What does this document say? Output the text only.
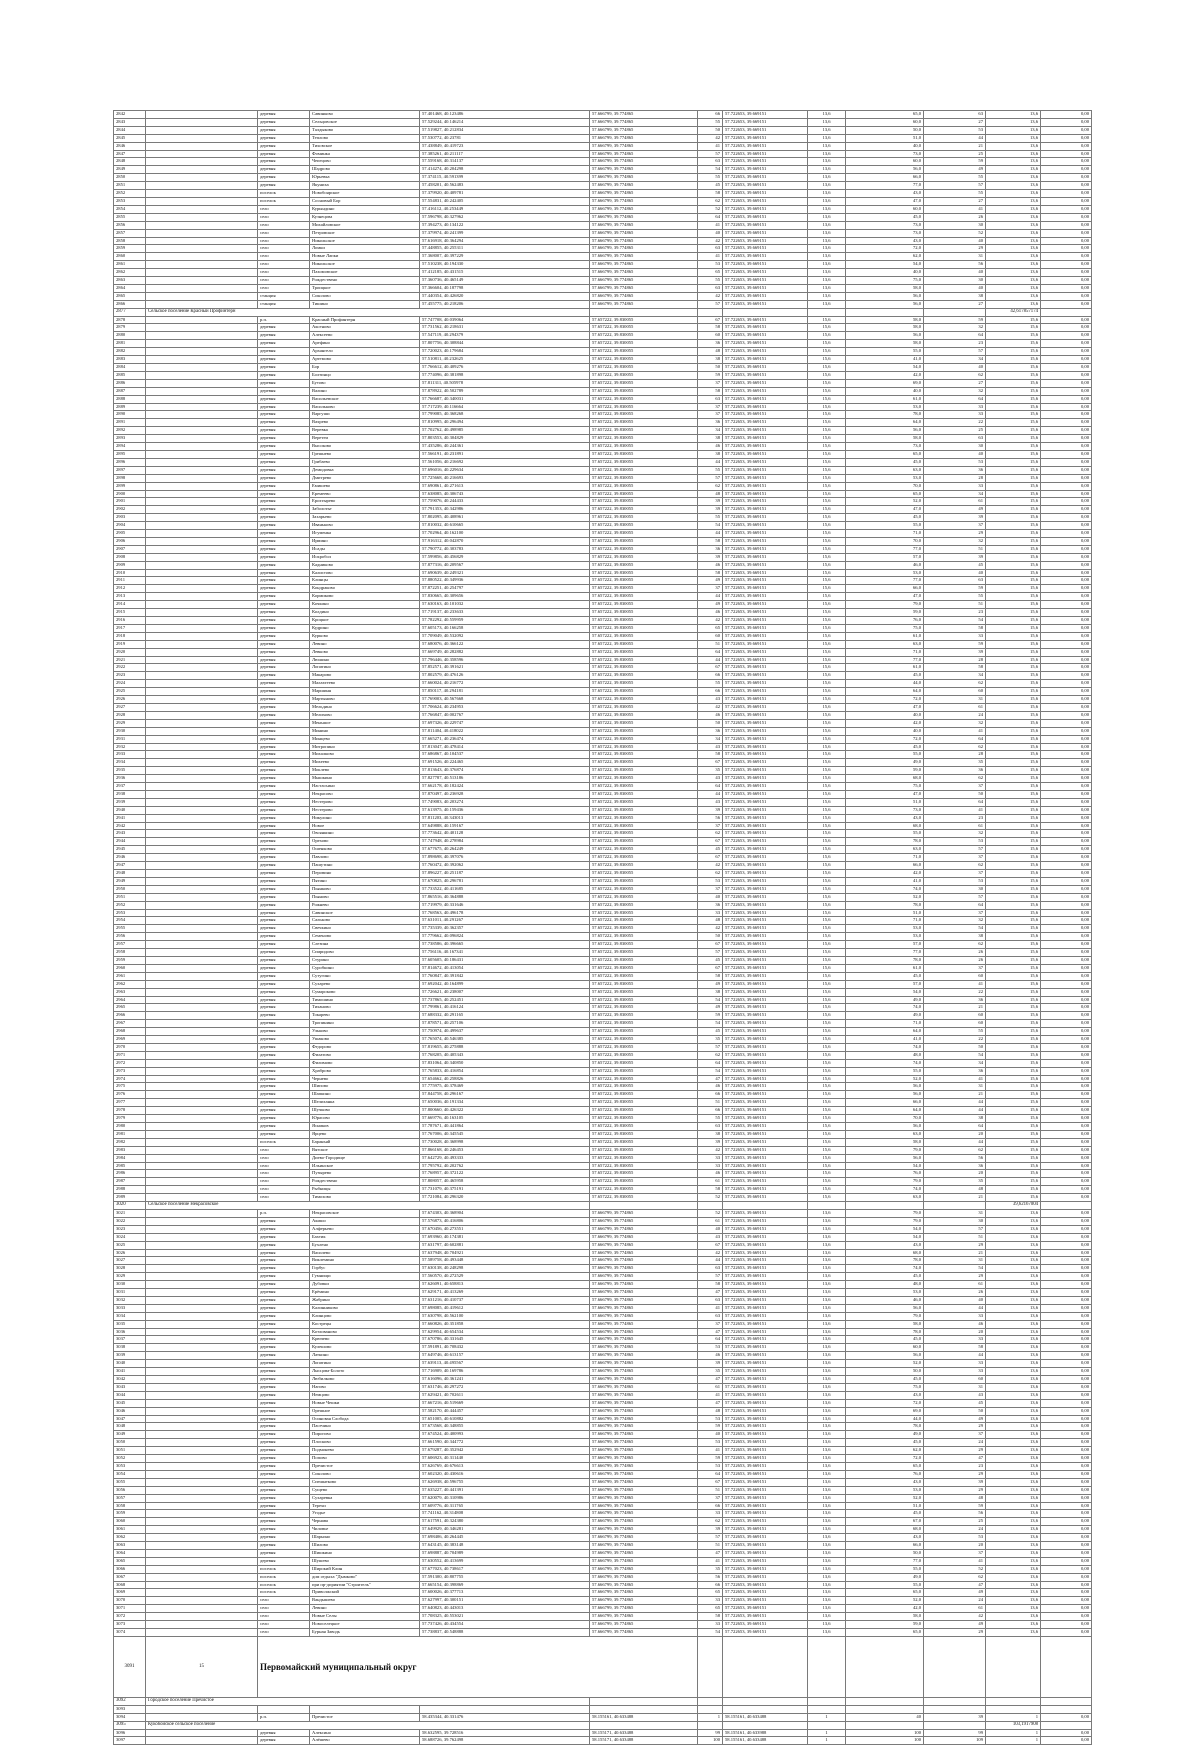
2842		деревня	Савинково	57.401468, 40.123486	57.666799, 39.774865	66	57.722653, 39.669151	13,6	65,0	63	13,6	0,00
2843		деревня	Сельцовское	57.529244, 40.146214	57.666799, 39.774865	55	57.722653, 39.669151	13,6	60,0	27	13,6	0,00
2844		деревня	Талдыково	57.519827, 40.212834	57.666799, 39.774865	50	57.722653, 39.669151	13,6	50,0	53	13,6	0,00
2845		деревня	Теплово	57.530772, 40.23781	57.666799, 39.774865	42	57.722653, 39.669151	13,6	51,0	44	13,6	0,00
2846		деревня	Тиховское	57.438849, 40.419723	57.666799, 39.774865	41	57.722653, 39.669151	13,6	40,0	21	13,6	0,00
2847		деревня	Фоминка	57.385261, 40.211117	57.666799, 39.774865	57	57.722653, 39.669151	13,6	73,0	25	13,6	0,00
2848		деревня	Чепецово	57.559168, 40.314137	57.666799, 39.774865	63	57.722653, 39.669151	13,6	60,0	59	13,6	0,00
2849		деревня	Шадрово	57.414274, 40.204298	57.666799, 39.774865	54	57.722653, 39.669151	13,6	56,0	49	13,6	0,00
2850		деревня	Юрьевка	57.374115, 40.591399	57.666799, 39.774865	55	57.722653, 39.669151	13,6	66,0	55	13,6	0,00
2851		деревня	Якуниха	57.458201, 40.562483	57.666799, 39.774865	45	57.722653, 39.669151	13,6	77,0	57	13,6	0,00
2852		поселок	Новобоярское	57.379920, 40.409781	57.666799, 39.774865	58	57.722653, 39.669151	13,6	43,0	55	13,6	0,00
2853		поселок	Сосновый Бор	57.554831, 40.242405	57.666799, 39.774865	62	57.722653, 39.669151	13,6	47,0	27	13,6	0,00
2854		село	Курындино	57.416112, 40.253449	57.666799, 39.774865	52	57.722653, 39.669151	13,6	60,0	41	13,6	0,00
2855		село	Кузнецова	57.596798, 40.327962	57.666799, 39.774865	64	57.722653, 39.669151	13,6	45,0	26	13,6	0,00
2856		село	Михайловское	57.394273, 40.134122	57.666799, 39.774865	41	57.722653, 39.669151	13,6	73,0	30	13,6	0,00
2857		село	Петровское	57.379974, 40.241399	57.666799, 39.774865	40	57.722653, 39.669151	13,6	73,0	52	13,6	0,00
2858		село	Никольское	57.616918, 40.364294	57.666799, 39.774865	42	57.722653, 39.669151	13,6	43,0	40	13,6	0,00
2859		село	Ломки	57.448855, 40.255311	57.666799, 39.774865	63	57.722653, 39.669151	13,6	72,0	29	13,6	0,00
2860		село	Новые Лапки	57.368007, 40.397229	57.666799, 39.774865	41	57.722653, 39.669151	13,6	62,0	31	13,6	0,00
2861		село	Никольское	57.510238, 40.194330	57.666799, 39.774865	53	57.722653, 39.669151	13,6	54,0	56	13,6	0,00
2862		село	Пахомовское	57.412185, 40.431515	57.666799, 39.774865	65	57.722653, 39.669151	13,6	40,0	40	13,6	0,00
2863		село	Рождествено	57.360736, 40.465149	57.666799, 39.774865	55	57.722653, 39.669151	13,6	75,0	30	13,6	0,00
2864		село	Троицкое	57.366604, 40.187798	57.666799, 39.774865	63	57.722653, 39.669151	13,6	58,0	40	13,6	0,00
2865		станция	Соколово	57.440354, 40.426820	57.666799, 39.774865	42	57.722653, 39.669151	13,6	56,0	38	13,6	0,00
2866		станция	Тишино	57.455775, 40.218206	57.666799, 39.774865	57	57.722653, 39.669151	13,6	56,0	27	13,6	0,00
2877	Сельское поселение Красный Профинтерн										42,617857174	
2878		р.п.	Красный Профинтерн	57.747708, 40.039064	57.657222, 39.830055	67	57.722653, 39.669151	15,6	58,0	59	15,6	0,00
2879		деревня	Аксеново	57.731562, 40.218631	57.657222, 39.830055	58	57.722653, 39.669151	15,6	58,0	32	15,6	0,00
2880		деревня	Алексеево	57.547119, 40.294379	57.657222, 39.830055	60	57.722653, 39.669151	15,6	56,0	64	15,6	0,00
2881		деревня	Арефино	57.807756, 40.308844	57.657222, 39.830055	36	57.722653, 39.669151	15,6	58,0	23	15,6	0,00
2882		деревня	Архангело	57.720023, 40.179684	57.657222, 39.830055	48	57.722653, 39.669151	15,6	55,0	57	15,6	0,00
2883		деревня	Артемово	57.510811, 40.232625	57.657222, 39.830055	38	57.722653, 39.669151	15,6	41,0	34	15,6	0,00
2884		деревня	Бор	57.766612, 40.409276	57.657222, 39.830055	50	57.722653, 39.669151	15,6	54,0	40	15,6	0,00
2885		деревня	Болтинцо	57.774096, 40.381898	57.657222, 39.830055	59	57.722653, 39.669151	15,6	42,0	62	15,6	0,00
2886		деревня	Бутово	57.811311, 40.505978	57.657222, 39.830055	37	57.722653, 39.669151	15,6	69,0	27	15,6	0,00
2887		деревня	Валино	57.878922, 40.502789	57.657222, 39.830055	58	57.722653, 39.669151	15,6	40,0	32	15,6	0,00
2888		деревня	Васильевское	57.766687, 40.340031	57.657222, 39.830055	63	57.722653, 39.669151	15,6	61,0	64	15,6	0,00
2889		деревня	Васильково	57.717239, 40.116664	57.657222, 39.830055	37	57.722653, 39.669151	15,6	53,0	33	15,6	0,00
2890		деревня	Варгуши	57.799085, 40.368268	57.657222, 39.830055	37	57.722653, 39.669151	15,6	78,0	33	15,6	0,00
2891		деревня	Вахрево	57.810995, 40.296494	57.657222, 39.830055	36	57.722653, 39.669151	15,6	64,0	22	15,6	0,00
2892		деревня	Веревка	57.702762, 40.498985	57.657222, 39.830055	34	57.722653, 39.669151	15,6	56,0	25	15,6	0,00
2893		деревня	Веретеи	57.803553, 40.304829	57.657222, 39.830055	38	57.722653, 39.669151	15,6	58,0	63	15,6	0,00
2894		деревня	Высоково	57.435286, 40.244361	57.657222, 39.830055	46	57.722653, 39.669151	15,6	73,0	30	15,6	0,00
2895		деревня	Грешнево	57.566191, 40.231891	57.657222, 39.830055	38	57.722653, 39.669151	15,6	65,0	40	15,6	0,00
2896		деревня	Грибаево	57.561056, 40.216692	57.657222, 39.830055	44	57.722653, 39.669151	15,6	45,0	53	15,6	0,00
2897		деревня	Демидовка	57.696016, 40.229634	57.657222, 39.830055	55	57.722653, 39.669151	15,6	63,0	36	15,6	0,00
2898		деревня	Дмитрево	57.725668, 40.216693	57.657222, 39.830055	57	57.722653, 39.669151	15,6	53,0	28	15,6	0,00
2899		деревня	Емишево	57.690861, 40.271613	57.657222, 39.830055	62	57.722653, 39.669151	15,6	70,0	33	15,6	0,00
2900		деревня	Еремеево	57.638085, 40.306743	57.657222, 39.830055	48	57.722653, 39.669151	15,6	65,0	34	15,6	0,00
2901		деревня	Ерохтырево	57.759076, 40.244433	57.657222, 39.830055	39	57.722653, 39.669151	15,6	52,0	61	15,6	0,00
2902		деревня	Заболотье	57.791353, 40.342986	57.657222, 39.830055	39	57.722653, 39.669151	15,6	47,0	49	15,6	0,00
2903		деревня	Захарьево	57.802095, 40.408961	57.657222, 39.830055	55	57.722653, 39.669151	15,6	45,0	39	15,6	0,00
2904		деревня	Иваньково	57.810032, 40.610665	57.657222, 39.830055	54	57.722653, 39.669151	15,6	55,0	37	15,6	0,00
2905		деревня	Игуменка	57.702964, 40.162100	57.657222, 39.830055	44	57.722653, 39.669151	15,6	71,0	29	15,6	0,00
2906		деревня	Ирмино	57.916312, 40.042870	57.657222, 39.830055	58	57.722653, 39.669151	15,6	70,0	32	15,6	0,00
2907		деревня	Исады	57.790772, 40.303783	57.657222, 39.830055	36	57.722653, 39.669151	15,6	77,0	51	15,6	0,00
2908		деревня	Искробол	57.599856, 40.456829	57.657222, 39.830055	39	57.722653, 39.669151	15,6	57,0	39	15,6	0,00
2909		деревня	Кадниково	57.877316, 40.209567	57.657222, 39.830055	46	57.722653, 39.669151	15,6	46,0	45	15,6	0,00
2910		деревня	Калистово	57.690639, 40.249321	57.657222, 39.830055	58	57.722653, 39.669151	15,6	53,0	40	15,6	0,00
2911		деревня	Клинцы	57.880522, 40.349936	57.657222, 39.830055	49	57.722653, 39.669151	15,6	77,0	63	15,6	0,00
2912		деревня	Кондраково	57.872251, 40.254797	57.657222, 39.830055	37	57.722653, 39.669151	15,6	66,0	59	15,6	0,00
2913		деревня	Кормиково	57.830665, 40.309656	57.657222, 39.830055	44	57.722653, 39.669151	15,6	47,0	55	15,6	0,00
2914		деревня	Кочкино	57.630163, 40.101032	57.657222, 39.830055	49	57.722653, 39.669151	15,6	79,0	51	15,6	0,00
2915		деревня	Колдино	57.719137, 40.233633	57.657222, 39.830055	46	57.722653, 39.669151	15,6	59,0	23	15,6	0,00
2916		деревня	Кроцкое	57.782292, 40.559959	57.657222, 39.830055	42	57.722653, 39.669151	15,6	76,0	54	15,6	0,00
2917		деревня	Кудрино	57.605173, 40.166258	57.657222, 39.830055	65	57.722653, 39.669151	15,6	75,0	58	15,6	0,00
2918		деревня	Курково	57.709049, 40.532092	57.657222, 39.830055	60	57.722653, 39.669151	15,6	61,0	33	15,6	0,00
2919		деревня	Левино	57.680076, 40.366122	57.657222, 39.830055	51	57.722653, 39.669151	15,6	63,0	59	15,6	0,00
2920		деревня	Левково	57.669749, 40.282882	57.657222, 39.830055	64	57.722653, 39.669151	15,6	71,0	39	15,6	0,00
2921		деревня	Люшино	57.796446, 40.358596	57.657222, 39.830055	44	57.722653, 39.669151	15,6	77,0	28	15,6	0,00
2922		деревня	Лопатино	57.852571, 40.391621	57.657222, 39.830055	67	57.722653, 39.669151	15,6	61,0	58	15,6	0,00
2923		деревня	Макарово	57.802579, 40.476126	57.657222, 39.830055	66	57.722653, 39.669151	15,6	45,0	34	15,6	0,00
2924		деревня	Малахтеево	57.660024, 40.216772	57.657222, 39.830055	55	57.722653, 39.669151	15,6	44,0	62	15,6	0,00
2925		деревня	Маршиня	57.850117, 40.294181	57.657222, 39.830055	66	57.722653, 39.669151	15,6	64,0	60	15,6	0,00
2926		деревня	Мартыново	57.769003, 40.567668	57.657222, 39.830055	43	57.722653, 39.669151	15,6	72,0	31	15,6	0,00
2927		деревня	Мельдино	57.706624, 40.234953	57.657222, 39.830055	42	57.722653, 39.669151	15,6	47,0	61	15,6	0,00
2928		деревня	Мелихово	57.766847, 40.002767	57.657222, 39.830055	46	57.722653, 39.669151	15,6	40,0	24	15,6	0,00
2929		деревня	Меньшое	57.697326, 40.229747	57.657222, 39.830055	50	57.722653, 39.669151	15,6	42,0	32	15,6	0,00
2930		деревня	Минино	57.811404, 40.418022	57.657222, 39.830055	36	57.722653, 39.669151	15,6	40,0	41	15,6	0,00
2931		деревня	Минцево	57.665271, 40.236474	57.657222, 39.830055	34	57.722653, 39.669151	15,6	72,0	64	15,6	0,00
2932		деревня	Митропино	57.813047, 40.478414	57.657222, 39.830055	43	57.722653, 39.669151	15,6	45,0	62	15,6	0,00
2933		деревня	Михалково	57.686867, 40.104537	57.657222, 39.830055	58	57.722653, 39.669151	15,6	55,0	28	15,6	0,00
2934		деревня	Михеево	57.691526, 40.224465	57.657222, 39.830055	67	57.722653, 39.669151	15,6	49,0	35	15,6	0,00
2935		деревня	Моклево	57.813643, 40.376874	57.657222, 39.830055	35	57.722653, 39.669151	15,6	59,0	36	15,6	0,00
2936		деревня	Мышкино	57.827787, 40.513186	57.657222, 39.830055	43	57.722653, 39.669151	15,6	68,0	62	15,6	0,00
2937		деревня	Настасьино	57.662178, 40.182424	57.657222, 39.830055	64	57.722653, 39.669151	15,6	75,0	37	15,6	0,00
2938		деревня	Некрасово	57.870497, 40.236928	57.657222, 39.830055	44	57.722653, 39.669151	15,6	47,0	50	15,6	0,00
2939		деревня	Нестерово	57.749083, 40.203274	57.657222, 39.830055	43	57.722653, 39.669151	15,6	51,0	64	15,6	0,00
2940		деревня	Нестерово	57.613975, 40.159436	57.657222, 39.830055	39	57.722653, 39.669151	15,6	73,0	41	15,6	0,00
2941		деревня	Никулино	57.811203, 40.343013	57.657222, 39.830055	56	57.722653, 39.669151	15,6	43,0	23	15,6	0,00
2942		деревня	Новое	57.649888, 40.159167	57.657222, 39.830055	37	57.722653, 39.669151	15,6	68,0	61	15,6	0,00
2943		деревня	Овсянкино	57.773642, 40.401128	57.657222, 39.830055	62	57.722653, 39.669151	15,6	55,0	32	15,6	0,00
2944		деревня	Орехово	57.747948, 40.278984	57.657222, 39.830055	67	57.722653, 39.669151	15,6	78,0	53	15,6	0,00
2945		деревня	Ошенково	57.677675, 40.264249	57.657222, 39.830055	45	57.722653, 39.669151	15,6	63,0	57	15,6	0,00
2946		деревня	Павлово	57.898698, 40.397076	57.657222, 39.830055	67	57.722653, 39.669151	15,6	71,0	37	15,6	0,00
2947		деревня	Пашутино	57.760472, 40.392062	57.657222, 39.830055	42	57.722653, 39.669151	15,6	66,0	62	15,6	0,00
2948		деревня	Перовино	57.896227, 40.251187	57.657222, 39.830055	62	57.722653, 39.669151	15,6	42,0	37	15,6	0,00
2949		деревня	Пятино	57.670825, 40.296781	57.657222, 39.830055	53	57.722653, 39.669151	15,6	41,0	53	15,6	0,00
2950		деревня	Пьянково	57.733522, 40.411685	57.657222, 39.830055	37	57.722653, 39.669151	15,6	74,0	30	15,6	0,00
2951		деревня	Пьяново	57.865516, 40.364888	57.657222, 39.830055	40	57.722653, 39.669151	15,6	52,0	57	15,6	0,00
2952		деревня	Рожнево	57.719979, 40.331646	57.657222, 39.830055	36	57.722653, 39.669151	15,6	78,0	64	15,6	0,00
2953		деревня	Савинское	57.768563, 40.496178	57.657222, 39.830055	33	57.722653, 39.669151	15,6	51,0	37	15,6	0,00
2954		деревня	Сальково	57.631011, 40.291267	57.657222, 39.830055	48	57.722653, 39.669151	15,6	71,0	32	15,6	0,00
2955		деревня	Свечкино	57.735339, 40.362357	57.657222, 39.830055	42	57.722653, 39.669151	15,6	53,0	54	15,6	0,00
2956		деревня	Семеново	57.779662, 40.096824	57.657222, 39.830055	50	57.722653, 39.669151	15,6	53,0	38	15,6	0,00
2957		деревня	Слезина	57.738586, 40.396665	57.657222, 39.830055	67	57.722653, 39.669151	15,6	57,0	62	15,6	0,00
2958		деревня	Спиридово	57.756116, 40.167341	57.657222, 39.830055	57	57.722653, 39.669151	15,6	77,0	26	15,6	0,00
2959		деревня	Стурино	57.605605, 40.186431	57.657222, 39.830055	45	57.722653, 39.669151	15,6	78,0	26	15,6	0,00
2960		деревня	Суробкино	57.814672, 40.413054	57.657222, 39.830055	67	57.722653, 39.669151	15,6	61,0	37	15,6	0,00
2961		деревня	Сутугино	57.760847, 40.391842	57.657222, 39.830055	58	57.722653, 39.669151	15,6	45,0	60	15,6	0,00
2962		деревня	Сухарево	57.692042, 40.164899	57.657222, 39.830055	49	57.722653, 39.669151	15,6	57,0	41	15,6	0,00
2963		деревня	Сумароково	57.726621, 40.238007	57.657222, 39.830055	38	57.722653, 39.669151	15,6	54,0	22	15,6	0,00
2964		деревня	Тимошино	57.737865, 40.252451	57.657222, 39.830055	54	57.722653, 39.669151	15,6	49,0	36	15,6	0,00
2965		деревня	Тиханово	57.799861, 40.416124	57.657222, 39.830055	49	57.722653, 39.669151	15,6	74,0	21	15,6	0,00
2966		деревня	Токарево	57.688332, 40.291165	57.657222, 39.830055	59	57.722653, 39.669151	15,6	49,0	60	15,6	0,00
2967		деревня	Тропинино	57.878571, 40.257106	57.657222, 39.830055	54	57.722653, 39.669151	15,6	71,0	60	15,6	0,00
2968		деревня	Ульково	57.750974, 40.499637	57.657222, 39.830055	45	57.722653, 39.669151	15,6	64,0	55	15,6	0,00
2969		деревня	Ушаково	57.765074, 40.546385	57.657222, 39.830055	35	57.722653, 39.669151	15,6	41,0	22	15,6	0,00
2970		деревня	Федорово	57.819655, 40.275888	57.657222, 39.830055	57	57.722653, 39.669151	15,6	74,0	50	15,6	0,00
2971		деревня	Филатово	57.768205, 40.405343	57.657222, 39.830055	62	57.722653, 39.669151	15,6	48,0	54	15,6	0,00
2972		деревня	Филимово	57.831064, 40.340850	57.657222, 39.830055	64	57.722653, 39.669151	15,6	74,0	34	15,6	0,00
2973		деревня	Храброво	57.765833, 40.416854	57.657222, 39.830055	54	57.722653, 39.669151	15,6	55,0	36	15,6	0,00
2974		деревня	Чернево	57.654662, 40.258826	57.657222, 39.830055	47	57.722653, 39.669151	15,6	52,0	41	15,6	0,00
2975		деревня	Шипово	57.775975, 40.378469	57.657222, 39.830055	46	57.722653, 39.669151	15,6	56,0	31	15,6	0,00
2976		деревня	Шапкино	57.844758, 40.296167	57.657222, 39.830055	66	57.722653, 39.669151	15,6	56,0	21	15,6	0,00
2977		деревня	Шелиханка	57.650036, 40.191334	57.657222, 39.830055	51	57.722653, 39.669151	15,6	66,0	44	15,6	0,00
2978		деревня	Шучково	57.800660, 40.426322	57.657222, 39.830055	66	57.722653, 39.669151	15,6	64,0	44	15,6	0,00
2979		деревня	Юрасово	57.669776, 40.163105	57.657222, 39.830055	55	57.722653, 39.669151	15,6	70,0	38	15,6	0,00
2980		деревня	Ясников	57.787671, 40.441864	57.657222, 39.830055	63	57.722653, 39.669151	15,6	56,0	64	15,6	0,00
2981		деревня	Ярцево	57.767006, 40.345545	57.657222, 39.830055	38	57.722653, 39.669151	15,6	63,0	20	15,6	0,00
2982		поселок	Бараньяй	57.730028, 40.368998	57.657222, 39.830055	39	57.722653, 39.669151	15,6	58,0	44	15,6	0,00
2983		село	Вятское	57.866168, 40.246453	57.657222, 39.830055	42	57.722653, 39.669151	15,6	79,0	62	15,6	0,00
2984		село	Диево-Городище	57.642729, 40.493333	57.657222, 39.830055	33	57.722653, 39.669151	15,6	56,0	56	15,6	0,00
2985		село	Ильинское	57.795792, 40.202762	57.657222, 39.830055	33	57.722653, 39.669151	15,6	54,0	36	15,6	0,00
2986		село	Пузырево	57.768957, 40.372122	57.657222, 39.830055	46	57.722653, 39.669151	15,6	76,0	20	15,6	0,00
2987		село	Рождествено	57.808057, 40.465958	57.657222, 39.830055	61	57.722653, 39.669151	15,6	79,0	35	15,6	0,00
2988		село	Рыбницы	57.731079, 40.375191	57.657222, 39.830055	58	57.722653, 39.669151	15,6	74,0	48	15,6	0,00
2989		село	Тимохово	57.721084, 40.296320	57.657222, 39.830055	52	57.722653, 39.669151	15,6	63,0	21	15,6	0,00
3020	Сельское поселение Некрасовское										39,62167004	
3021		р.п.	Некрасовское	57.674303, 40.368904	57.666799, 39.774865	52	57.722653, 39.669151	13,6	79,0	31	13,6	0,00
3022		деревня	Акишо	57.576873, 40.416806	57.666799, 39.774865	61	57.722653, 39.669151	13,6	79,0	30	13,6	0,00
3023		деревня	Алферьево	57.670456, 40.273551	57.666799, 39.774865	40	57.722653, 39.669151	13,6	54,0	57	13,6	0,00
3024		деревня	Бахтик	57.693960, 40.174381	57.666799, 39.774865	43	57.722653, 39.669151	13,6	54,0	51	13,6	0,00
3025		деревня	Бухлено	57.631797, 40.602881	57.666799, 39.774865	67	57.722653, 39.669151	13,6	43,0	29	13,6	0,00
3026		деревня	Василево	57.637948, 40.704921	57.666799, 39.774865	42	57.722653, 39.669151	13,6	68,0	21	13,6	0,00
3027		деревня	Виклемино	57.589758, 40.493448	57.666799, 39.774865	44	57.722653, 39.669151	13,6	78,0	31	13,6	0,00
3028		деревня	Горбус	57.630138, 40.248298	57.666799, 39.774865	63	57.722653, 39.669151	13,6	74,0	54	13,6	0,00
3029		деревня	Гумнищи	57.560570, 40.272529	57.666799, 39.774865	57	57.722653, 39.669151	13,6	45,0	29	13,6	0,00
3030		деревня	Дубовки	57.626091, 40.658813	57.666799, 39.774865	58	57.722653, 39.669151	13,6	48,0	61	13,6	0,00
3031		деревня	Ерёмино	57.629171, 40.413269	57.666799, 39.774865	47	57.722653, 39.669151	13,6	53,0	26	13,6	0,00
3032		деревня	Жабрино	57.631216, 40.410737	57.666799, 39.774865	63	57.722653, 39.669151	13,6	46,0	40	13,6	0,00
3033		деревня	Калинниково	57.698085, 40.419612	57.666799, 39.774865	41	57.722653, 39.669151	13,6	56,0	44	13,6	0,00
3034		деревня	Клинцово	57.630798, 40.562100	57.666799, 39.774865	63	57.722653, 39.669151	13,6	79,0	33	13,6	0,00
3035		деревня	Кострецы	57.660826, 40.351858	57.666799, 39.774865	37	57.722653, 39.669151	13,6	58,0	46	13,6	0,00
3036		деревня	Котлованово	57.629954, 40.654534	57.666799, 39.774865	47	57.722653, 39.669151	13,6	78,0	20	13,6	0,00
3037		деревня	Крючево	57.670786, 40.331645	57.666799, 39.774865	64	57.722653, 39.669151	13,6	45,0	33	13,6	0,00
3038		деревня	Кулешово	57.591891, 40.708432	57.666799, 39.774865	53	57.722653, 39.669151	13,6	60,0	58	13,6	0,00
3039		деревня	Латкино	57.649746, 40.613157	57.666799, 39.774865	46	57.722653, 39.669151	13,6	56,0	44	13,6	0,00
3040		деревня	Лопатино	57.639113, 40.495567	57.666799, 39.774865	39	57.722653, 39.669151	13,6	52,0	33	13,6	0,00
3041		деревня	Лысцова-Болото	57.716909, 40.169786	57.666799, 39.774865	35	57.722653, 39.669151	13,6	50,0	33	13,6	0,00
3042		деревня	Любилково	57.616096, 40.361241	57.666799, 39.774865	47	57.722653, 39.669151	13,6	45,0	60	13,6	0,00
3043		деревня	Нагово	57.631746, 40.297272	57.666799, 39.774865	61	57.722653, 39.669151	13,6	75,0	31	13,6	0,00
3044		деревня	Немцово	57.629421, 40.702611	57.666799, 39.774865	41	57.722653, 39.669151	13,6	43,0	43	13,6	0,00
3045		деревня	Новые Чешки	57.667216, 40.519669	57.666799, 39.774865	47	57.722653, 39.669151	13,6	72,0	45	13,6	0,00
3046		деревня	Орешное	57.582170, 40.444457	57.666799, 39.774865	48	57.722653, 39.669151	13,6	69,0	50	13,6	0,00
3047		деревня	Осиновая Слобода	57.651005, 40.610882	57.666799, 39.774865	53	57.722653, 39.669151	13,6	44,0	49	13,6	0,00
3048		деревня	Пасечино	57.673568, 40.348855	57.666799, 39.774865	59	57.722653, 39.669151	13,6	78,0	29	13,6	0,00
3049		деревня	Пирогово	57.674524, 40.400993	57.666799, 39.774865	40	57.722653, 39.669151	13,6	49,0	37	13,6	0,00
3050		деревня	Плосково	57.661590, 40.344772	57.666799, 39.774865	53	57.722653, 39.669151	13,6	45,0	24	13,6	0,00
3051		деревня	Подмонево	57.679287, 40.352942	57.666799, 39.774865	41	57.722653, 39.669151	13,6	62,0	29	13,6	0,00
3052		деревня	Попово	57.606923, 40.311440	57.666799, 39.774865	59	57.722653, 39.669151	13,6	72,0	47	13,6	0,00
3053		деревня	Пречистое	57.626769, 40.676613	57.666799, 39.774865	53	57.722653, 39.669151	13,6	65,0	23	13,6	0,00
3054		деревня	Соколово	57.602320, 40.430616	57.666799, 39.774865	64	57.722653, 39.669151	13,6	76,0	29	13,6	0,00
3055		деревня	Спешнеково	57.626938, 40.596755	57.666799, 39.774865	67	57.722653, 39.669151	13,6	43,0	39	13,6	0,00
3056		деревня	Сущево	57.635227, 40.441391	57.666799, 39.774865	51	57.722653, 39.669151	13,6	53,0	29	13,6	0,00
3057		деревня	Сухаревка	57.620079, 40.310986	57.666799, 39.774865	37	57.722653, 39.669151	13,6	52,0	48	13,6	0,00
3058		деревня	Терехи	57.609776, 40.311765	57.666799, 39.774865	66	57.722653, 39.669151	13,6	51,0	59	13,6	0,00
3059		деревня	Угодье	57.741162, 40.314808	57.666799, 39.774865	33	57.722653, 39.669151	13,6	45,0	56	13,6	0,00
3060		деревня	Чернава	57.617591, 40.324380	57.666799, 39.774865	62	57.722653, 39.669151	13,6	67,0	25	13,6	0,00
3061		деревня	Чиловье	57.649929, 40.346281	57.666799, 39.774865	39	57.722653, 39.669151	13,6	68,0	24	13,6	0,00
3062		деревня	Шарьино	57.698406, 40.264445	57.666799, 39.774865	57	57.722653, 39.669151	13,6	43,0	53	13,6	0,00
3063		деревня	Шилово	57.643145, 40.383148	57.666799, 39.774865	51	57.722653, 39.669151	13,6	66,0	20	13,6	0,00
3064		деревня	Шишкино	57.698887, 40.704989	57.666799, 39.774865	47	57.722653, 39.669151	13,6	50,0	37	13,6	0,00
3065		деревня	Шушево	57.630552, 40.413699	57.666799, 39.774865	41	57.722653, 39.669151	13,6	77,0	41	13,6	0,00
3066		поселок	Широкий Клин	57.677023, 40.738617	57.666799, 39.774865	35	57.722653, 39.669151	13,6	55,0	52	13,6	0,00
3067		поселок	дом отдыха "Дымково"	57.591300, 40.807755	57.666799, 39.774865	56	57.722653, 39.669151	13,6	49,0	62	13,6	0,00
3068		поселок	при пр-дприятии "Строитель"	57.665154, 40.398869	57.666799, 39.774865	66	57.722653, 39.669151	13,6	55,0	47	13,6	0,00
3069		поселок	Приволжский	57.600026, 40.377713	57.666799, 39.774865	65	57.722653, 39.669151	13,6	65,0	49	13,6	0,00
3070		село	Вандышево	57.627997, 40.300151	57.666799, 39.774865	33	57.722653, 39.669151	13,6	52,0	24	13,6	0,00
3071		село	Левино	57.640823, 40.443013	57.666799, 39.774865	65	57.722653, 39.669151	13,6	42,0	61	13,6	0,00
3072		село	Новые Селы	57.708325, 40.553021	57.666799, 39.774865	58	57.722653, 39.669151	13,6	58,0	42	13,6	0,00
3073		село	Новоселецкое	57.737426, 40.434554	57.666799, 39.774865	33	57.722653, 39.669151	13,6	59,0	49	13,6	0,00
3074		село	Бурная Заводь	57.738837, 40.548888	57.666799, 39.774865	54	57.722653, 39.669151	13,6	65,0	29	13,6	0,00
3091	15	Первомайский муниципальный округ										
3092	Городское поселение Пречистое											
3093												
3094		р.п.	Пречистое	58.435344, 40.331476	58.155161, 40.633488	1	58.155161, 40.633488	1	40	39	1	0,00
3095	Кукобойское сельское поселение										103,1917908	
3096		деревня	Алексино	58.632595, 39.728516	58.155171, 40.633488	99	58.155161, 40.633988	1	100	99	1	0,00
3097		деревня	Алёшево	58.688726, 39.762498	58.155171, 40.633488	100	58.155161, 40.633488	1	100	109	1	0,00
